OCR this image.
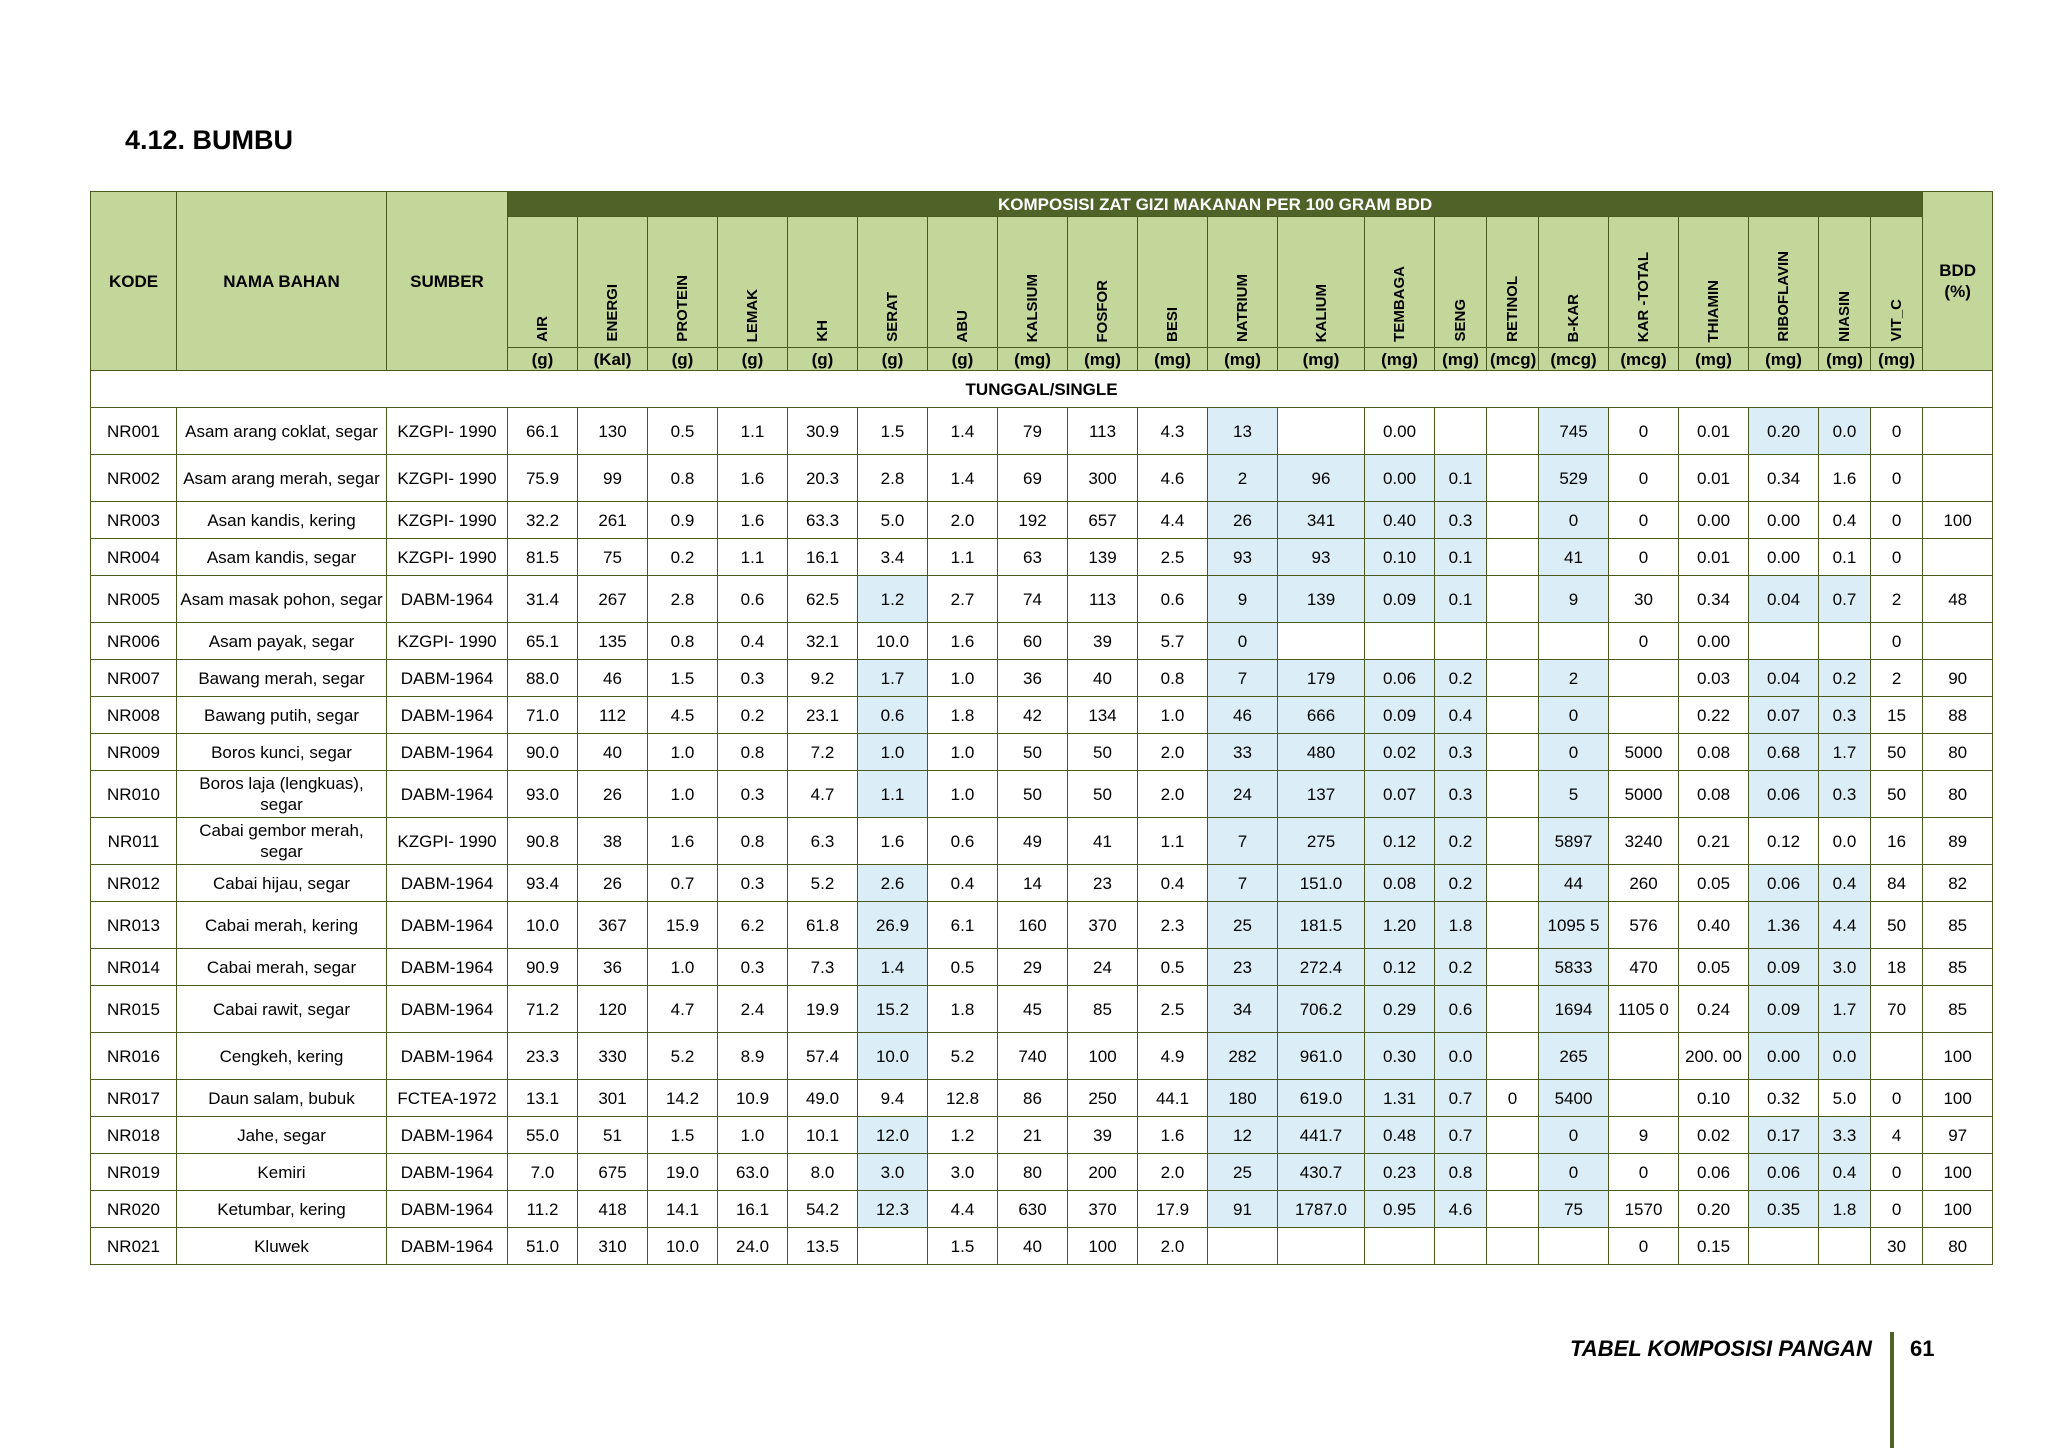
4.12. BUMBU
KODE	NAMA BAHAN	SUMBER	KOMPOSISI ZAT GIZI MAKANAN PER 100 GRAM BDD																					BDD (%)
			AIR	ENERGI	PROTEIN	LEMAK	KH	SERAT	ABU	KALSIUM	FOSFOR	BESI	NATRIUM	KALIUM	TEMBAGA	SENG	RETINOL	B-KAR	KAR -TOTAL	THIAMIN	RIBOFLAVIN	NIASIN	VIT_C	
			(g)	(Kal)	(g)	(g)	(g)	(g)	(g)	(mg)	(mg)	(mg)	(mg)	(mg)	(mg)	(mg)	(mcg)	(mcg)	(mcg)	(mg)	(mg)	(mg)	(mg)	
TUNGGAL/SINGLE																								
NR001	Asam arang coklat, segar	KZGPI- 1990	66.1	130	0.5	1.1	30.9	1.5	1.4	79	113	4.3	13		0.00			745	0	0.01	0.20	0.0	0	
NR002	Asam arang merah, segar	KZGPI- 1990	75.9	99	0.8	1.6	20.3	2.8	1.4	69	300	4.6	2	96	0.00	0.1		529	0	0.01	0.34	1.6	0	
NR003	Asan kandis, kering	KZGPI- 1990	32.2	261	0.9	1.6	63.3	5.0	2.0	192	657	4.4	26	341	0.40	0.3		0	0	0.00	0.00	0.4	0	100
NR004	Asam kandis, segar	KZGPI- 1990	81.5	75	0.2	1.1	16.1	3.4	1.1	63	139	2.5	93	93	0.10	0.1		41	0	0.01	0.00	0.1	0	
NR005	Asam masak pohon, segar	DABM-1964	31.4	267	2.8	0.6	62.5	1.2	2.7	74	113	0.6	9	139	0.09	0.1		9	30	0.34	0.04	0.7	2	48
NR006	Asam payak, segar	KZGPI- 1990	65.1	135	0.8	0.4	32.1	10.0	1.6	60	39	5.7	0						0	0.00			0	
NR007	Bawang merah, segar	DABM-1964	88.0	46	1.5	0.3	9.2	1.7	1.0	36	40	0.8	7	179	0.06	0.2		2		0.03	0.04	0.2	2	90
NR008	Bawang putih, segar	DABM-1964	71.0	112	4.5	0.2	23.1	0.6	1.8	42	134	1.0	46	666	0.09	0.4		0		0.22	0.07	0.3	15	88
NR009	Boros kunci, segar	DABM-1964	90.0	40	1.0	0.8	7.2	1.0	1.0	50	50	2.0	33	480	0.02	0.3		0	5000	0.08	0.68	1.7	50	80
NR010	Boros laja (lengkuas), segar	DABM-1964	93.0	26	1.0	0.3	4.7	1.1	1.0	50	50	2.0	24	137	0.07	0.3		5	5000	0.08	0.06	0.3	50	80
NR011	Cabai gembor merah, segar	KZGPI- 1990	90.8	38	1.6	0.8	6.3	1.6	0.6	49	41	1.1	7	275	0.12	0.2		5897	3240	0.21	0.12	0.0	16	89
NR012	Cabai hijau, segar	DABM-1964	93.4	26	0.7	0.3	5.2	2.6	0.4	14	23	0.4	7	151.0	0.08	0.2		44	260	0.05	0.06	0.4	84	82
NR013	Cabai merah, kering	DABM-1964	10.0	367	15.9	6.2	61.8	26.9	6.1	160	370	2.3	25	181.5	1.20	1.8		1095 5	576	0.40	1.36	4.4	50	85
NR014	Cabai merah, segar	DABM-1964	90.9	36	1.0	0.3	7.3	1.4	0.5	29	24	0.5	23	272.4	0.12	0.2		5833	470	0.05	0.09	3.0	18	85
NR015	Cabai rawit, segar	DABM-1964	71.2	120	4.7	2.4	19.9	15.2	1.8	45	85	2.5	34	706.2	0.29	0.6		1694	1105 0	0.24	0.09	1.7	70	85
NR016	Cengkeh, kering	DABM-1964	23.3	330	5.2	8.9	57.4	10.0	5.2	740	100	4.9	282	961.0	0.30	0.0		265		200. 00	0.00	0.0		100
NR017	Daun salam, bubuk	FCTEA-1972	13.1	301	14.2	10.9	49.0	9.4	12.8	86	250	44.1	180	619.0	1.31	0.7	0	5400		0.10	0.32	5.0	0	100
NR018	Jahe, segar	DABM-1964	55.0	51	1.5	1.0	10.1	12.0	1.2	21	39	1.6	12	441.7	0.48	0.7		0	9	0.02	0.17	3.3	4	97
NR019	Kemiri	DABM-1964	7.0	675	19.0	63.0	8.0	3.0	3.0	80	200	2.0	25	430.7	0.23	0.8		0	0	0.06	0.06	0.4	0	100
NR020	Ketumbar, kering	DABM-1964	11.2	418	14.1	16.1	54.2	12.3	4.4	630	370	17.9	91	1787.0	0.95	4.6		75	1570	0.20	0.35	1.8	0	100
NR021	Kluwek	DABM-1964	51.0	310	10.0	24.0	13.5		1.5	40	100	2.0							0	0.15			30	80
TABEL KOMPOSISI PANGAN 61
